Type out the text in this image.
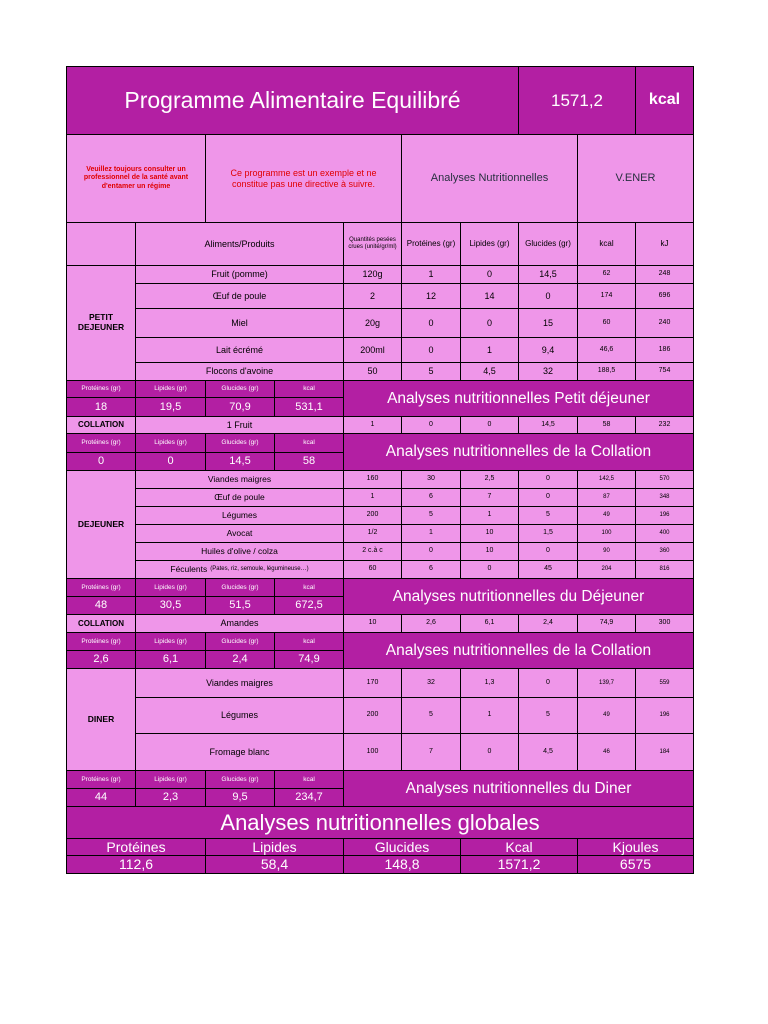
Programme Alimentaire Equilibré	1571,2	kcal
Veuillez toujours consulter un professionnel de la santé avant d'entamer un régime
Ce programme est un exemple et ne constitue pas une directive à suivre.	Analyses Nutritionnelles	V.ENER
Aliments/Produits	Quantités pesées crues (unité/gr/ml)	Protéines (gr)	Lipides (gr)	Glucides (gr)	kcal	kJ
PETIT DEJEUNER
Fruit (pomme)	120g	1	0	14,5	62	248
Œuf de poule	2	12	14	0	174	696
Miel	20g	0	0	15	60	240
Lait écrémé	200ml	0	1	9,4	46,6	186
Flocons d'avoine	50	5	4,5	32	188,5	754
Protéines (gr)
18
Lipides (gr)
19,5
Glucides (gr)
70,9
kcal
531,1
Analyses nutritionnelles Petit déjeuner
COLLATION	1 Fruit	1	0	0	14,5	58	232
Protéines (gr)
0
Lipides (gr)
0
Glucides (gr)
14,5
kcal
58
Analyses nutritionnelles de la Collation
DEJEUNER
Viandes maigres	160	30	2,5	0	142,5	570
Œuf de poule	1	6	7	0	87	348
Légumes	200	5	1	5	49	196
Avocat	1/2	1	10	1,5	100	400
Huiles d'olive / colza	2 c.à c	0	10	0	90	360
Féculents (Pates, riz, semoule, légumineuse…)	60	6	0	45	204	816
Protéines (gr)
48
Lipides (gr)
30,5
Glucides (gr)
51,5
kcal
672,5
Analyses nutritionnelles du Déjeuner
COLLATION	Amandes	10	2,6	6,1	2,4	74,9	300
Protéines (gr)
2,6
Lipides (gr)
6,1
Glucides (gr)
2,4
kcal
74,9
Analyses nutritionnelles de la Collation
DINER
Viandes maigres	170	32	1,3	0	139,7	559
Légumes	200	5	1	5	49	196
Fromage blanc	100	7	0	4,5	46	184
Protéines (gr)
44
Lipides (gr)
2,3
Glucides (gr)
9,5
kcal
234,7
Analyses nutritionnelles du Diner
Analyses nutritionnelles globales
Protéines
112,6
Lipides
58,4
Glucides
148,8
Kcal
1571,2
Kjoules
6575
